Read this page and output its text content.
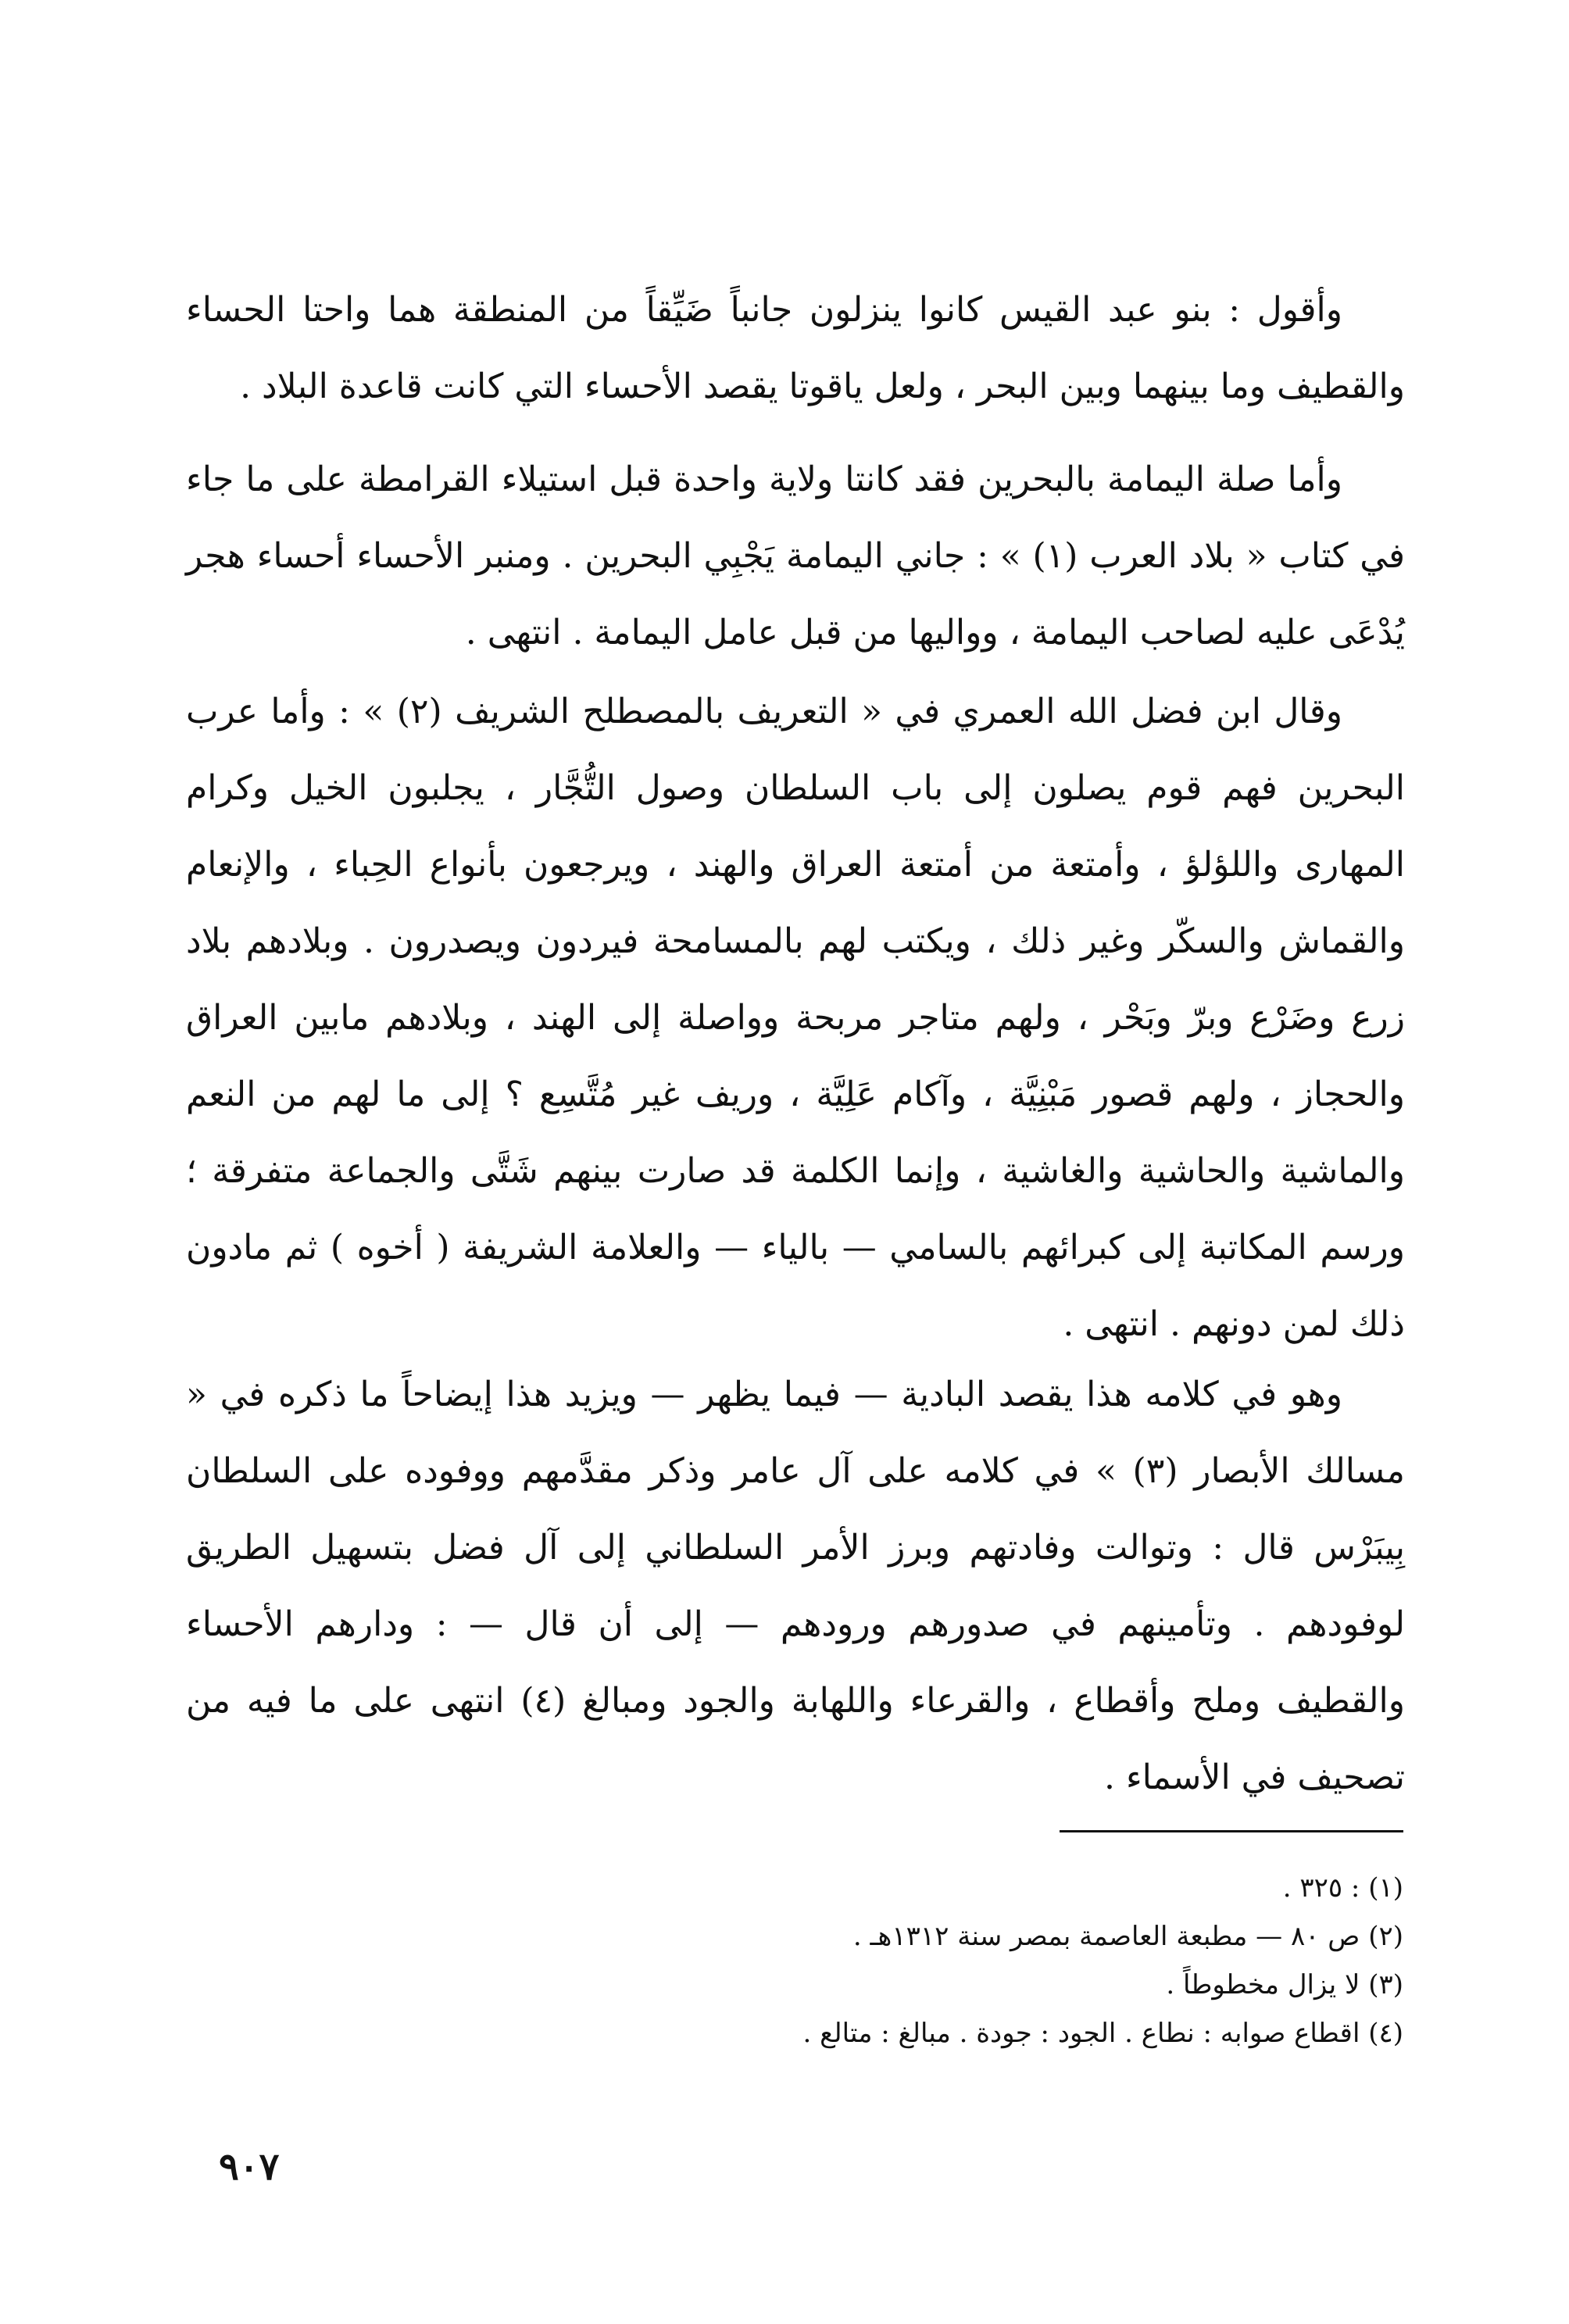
وأقول : بنو عبد القيس كانوا ينزلون جانباً ضَيِّقاً من المنطقة هما واحتا الحساء والقطيف وما بينهما وبين البحر ، ولعل ياقوتا يقصد الأحساء التي كانت قاعدة البلاد .

وأما صلة اليمامة بالبحرين فقد كانتا ولاية واحدة قبل استيلاء القرامطة على ما جاء في كتاب « بلاد العرب (١) » : جاني اليمامة يَجْبِي البحرين . ومنبر الأحساء أحساء هجر يُدْعَى عليه لصاحب اليمامة ، وواليها من قبل عامل اليمامة . انتهى .

وقال ابن فضل الله العمري في « التعريف بالمصطلح الشريف (٢) » : وأما عرب البحرين فهم قوم يصلون إلى باب السلطان وصول التُّجَّار ، يجلبون الخيل وكرام المهارى واللؤلؤ ، وأمتعة من أمتعة العراق والهند ، ويرجعون بأنواع الحِباء ، والإنعام والقماش والسكّر وغير ذلك ، ويكتب لهم بالمسامحة فيردون ويصدرون . وبلادهم بلاد زرع وضَرْع وبرّ وبَحْر ، ولهم متاجر مربحة وواصلة إلى الهند ، وبلادهم مابين العراق والحجاز ، ولهم قصور مَبْنِيَّة ، وآكام عَلِيَّة ، وريف غير مُتَّسِع ؟ إلى ما لهم من النعم والماشية والحاشية والغاشية ، وإنما الكلمة قد صارت بينهم شَتَّى والجماعة متفرقة ؛ ورسم المكاتبة إلى كبرائهم بالسامي — بالياء — والعلامة الشريفة ( أخوه ) ثم مادون ذلك لمن دونهم . انتهى .

وهو في كلامه هذا يقصد البادية — فيما يظهر — ويزيد هذا إيضاحاً ما ذكره في « مسالك الأبصار (٣) » في كلامه على آل عامر وذكر مقدَّمهم ووفوده على السلطان بِيبَرْس قال : وتوالت وفادتهم وبرز الأمر السلطاني إلى آل فضل بتسهيل الطريق لوفودهم . وتأمينهم في صدورهم ورودهم — إلى أن قال — : ودارهم الأحساء والقطيف وملح وأقطاع ، والقرعاء واللهابة والجود ومبالغ (٤) انتهى على ما فيه من تصحيف في الأسماء .

(١) : ٣٢٥ .

(٢) ص ٨٠ — مطبعة العاصمة بمصر سنة ١٣١٢هـ .

(٣) لا يزال مخطوطاً .

(٤) اقطاع صوابه : نطاع . الجود : جودة . مبالغ : متالع .

٩٠٧
